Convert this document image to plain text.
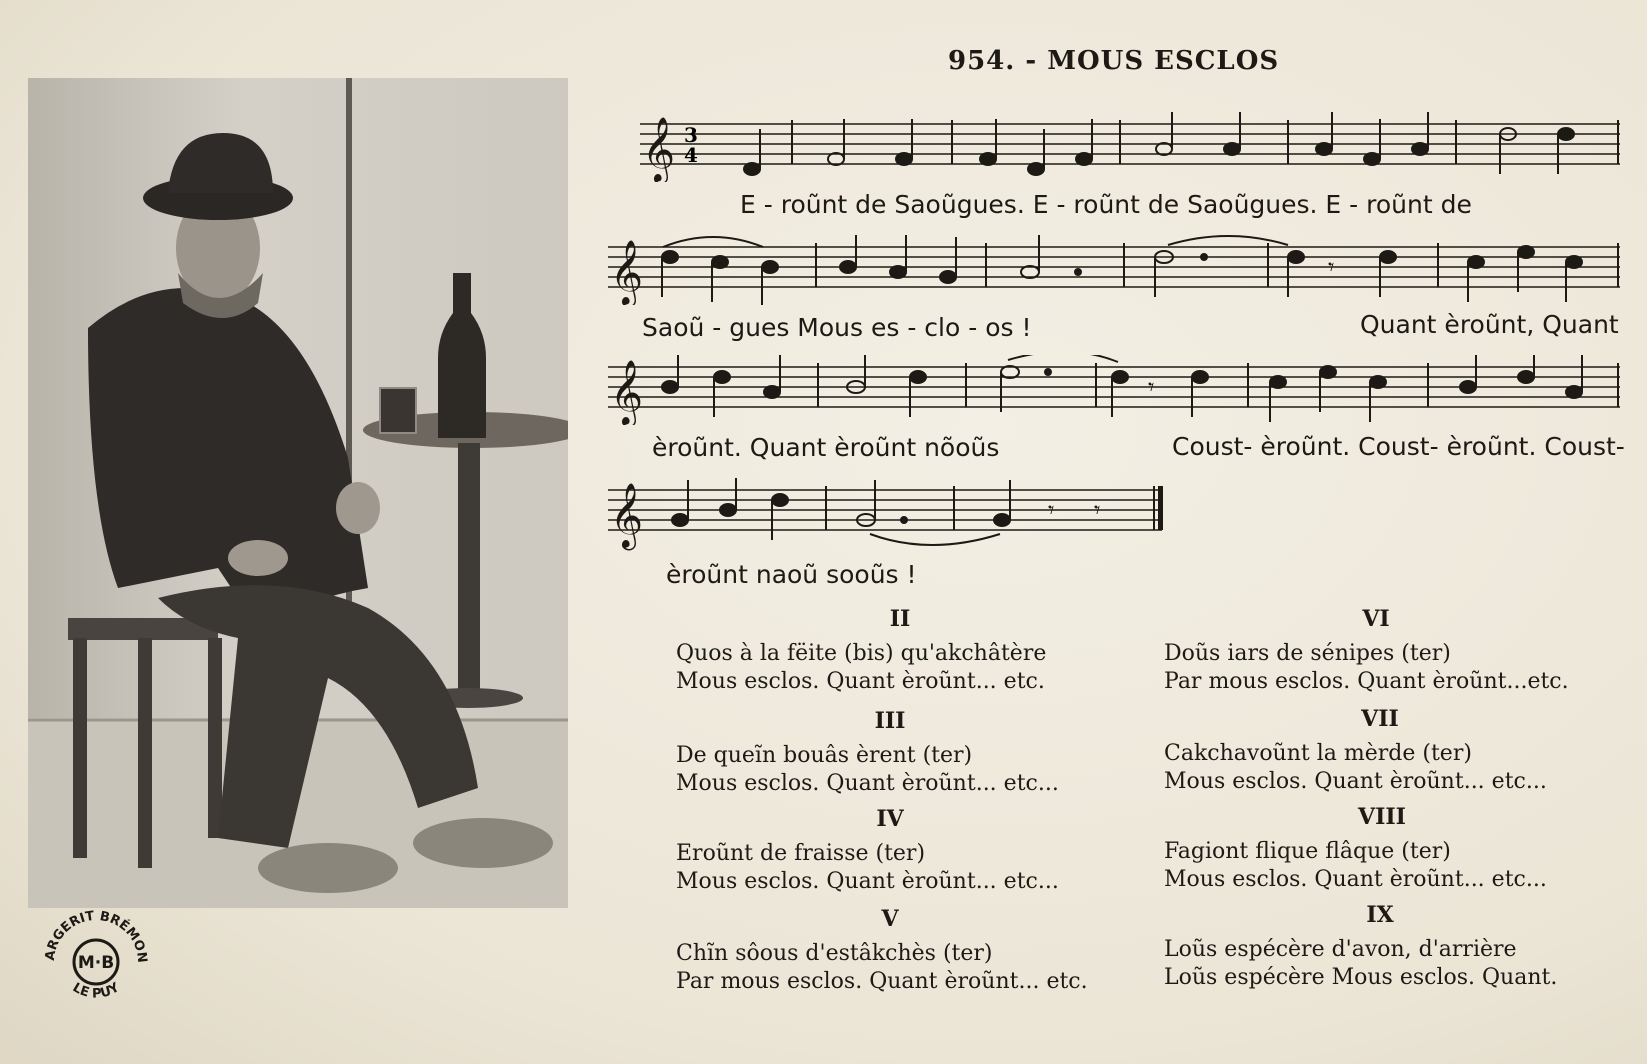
ARGERIT BRÉMON
LE PUY
M·B
954. - MOUS ESCLOS
𝄞 3
4
E - roũnt de Saoũgues. E - roũnt de Saoũgues. E - roũnt de
𝄞	𝄾
Saoũ - gues Mous es - clo - os !	Quant èroũnt, Quant
𝄞	𝄾
èroũnt. Quant èroũnt nõoũs	Coust- èroũnt. Coust- èroũnt. Coust-
𝄞	𝄾 𝄾
èroũnt naoũ sooũs !
II
Quos à la fëite (bis) qu'akchâtère
Mous esclos. Quant èroũnt... etc.
III
De queĩn bouâs èrent (ter)
Mous esclos. Quant èroũnt... etc...
IV
Eroũnt de fraisse (ter)
Mous esclos. Quant èroũnt... etc...
V
Chĩn sôous d'estâkchès (ter)
Par mous esclos. Quant èroũnt... etc.
VI
Doũs iars de sénipes (ter)
Par mous esclos. Quant èroũnt...etc.
VII
Cakchavoũnt la mèrde (ter)
Mous esclos. Quant èroũnt... etc...
VIII
Fagiont flique flâque (ter)
Mous esclos. Quant èroũnt... etc...
IX
Loũs espécère d'avon, d'arrière
Loũs espécère Mous esclos. Quant.
